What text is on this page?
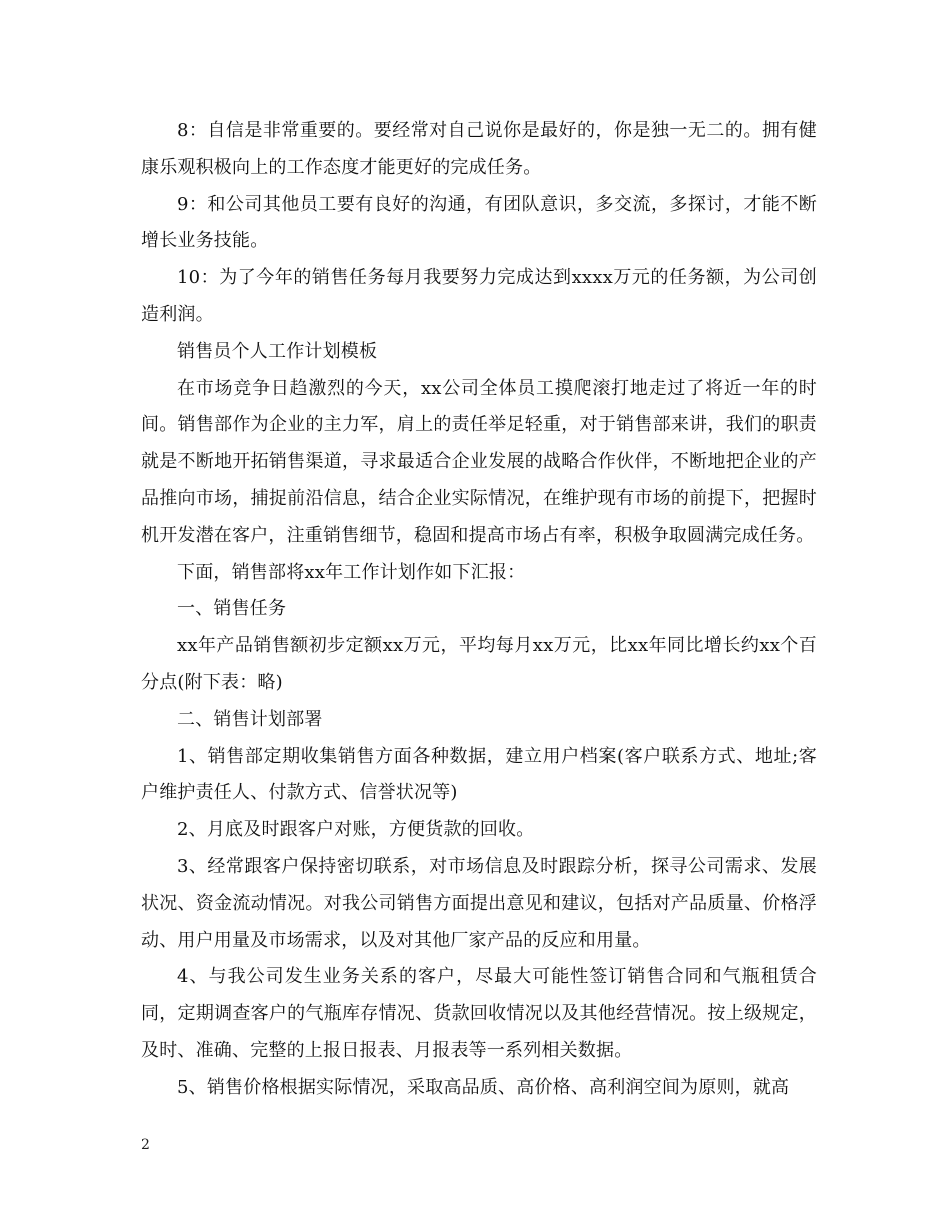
8：自信是非常重要的。要经常对自己说你是最好的，你是独一无二的。拥有健康乐观积极向上的工作态度才能更好的完成任务。

9：和公司其他员工要有良好的沟通，有团队意识，多交流，多探讨，才能不断增长业务技能。

10：为了今年的销售任务每月我要努力完成达到xxxx万元的任务额，为公司创造利润。

销售员个人工作计划模板

在市场竞争日趋激烈的今天，xx公司全体员工摸爬滚打地走过了将近一年的时间。销售部作为企业的主力军，肩上的责任举足轻重，对于销售部来讲，我们的职责就是不断地开拓销售渠道，寻求最适合企业发展的战略合作伙伴，不断地把企业的产品推向市场，捕捉前沿信息，结合企业实际情况，在维护现有市场的前提下，把握时机开发潜在客户，注重销售细节，稳固和提高市场占有率，积极争取圆满完成任务。

下面，销售部将xx年工作计划作如下汇报：

一、销售任务

xx年产品销售额初步定额xx万元，平均每月xx万元，比xx年同比增长约xx个百分点(附下表：略)

二、销售计划部署

1、销售部定期收集销售方面各种数据，建立用户档案(客户联系方式、地址;客户维护责任人、付款方式、信誉状况等)

2、月底及时跟客户对账，方便货款的回收。

3、经常跟客户保持密切联系，对市场信息及时跟踪分析，探寻公司需求、发展状况、资金流动情况。对我公司销售方面提出意见和建议，包括对产品质量、价格浮动、用户用量及市场需求，以及对其他厂家产品的反应和用量。

4、与我公司发生业务关系的客户，尽最大可能性签订销售合同和气瓶租赁合同，定期调查客户的气瓶库存情况、货款回收情况以及其他经营情况。按上级规定，及时、准确、完整的上报日报表、月报表等一系列相关数据。

5、销售价格根据实际情况，采取高品质、高价格、高利润空间为原则，就高

2
